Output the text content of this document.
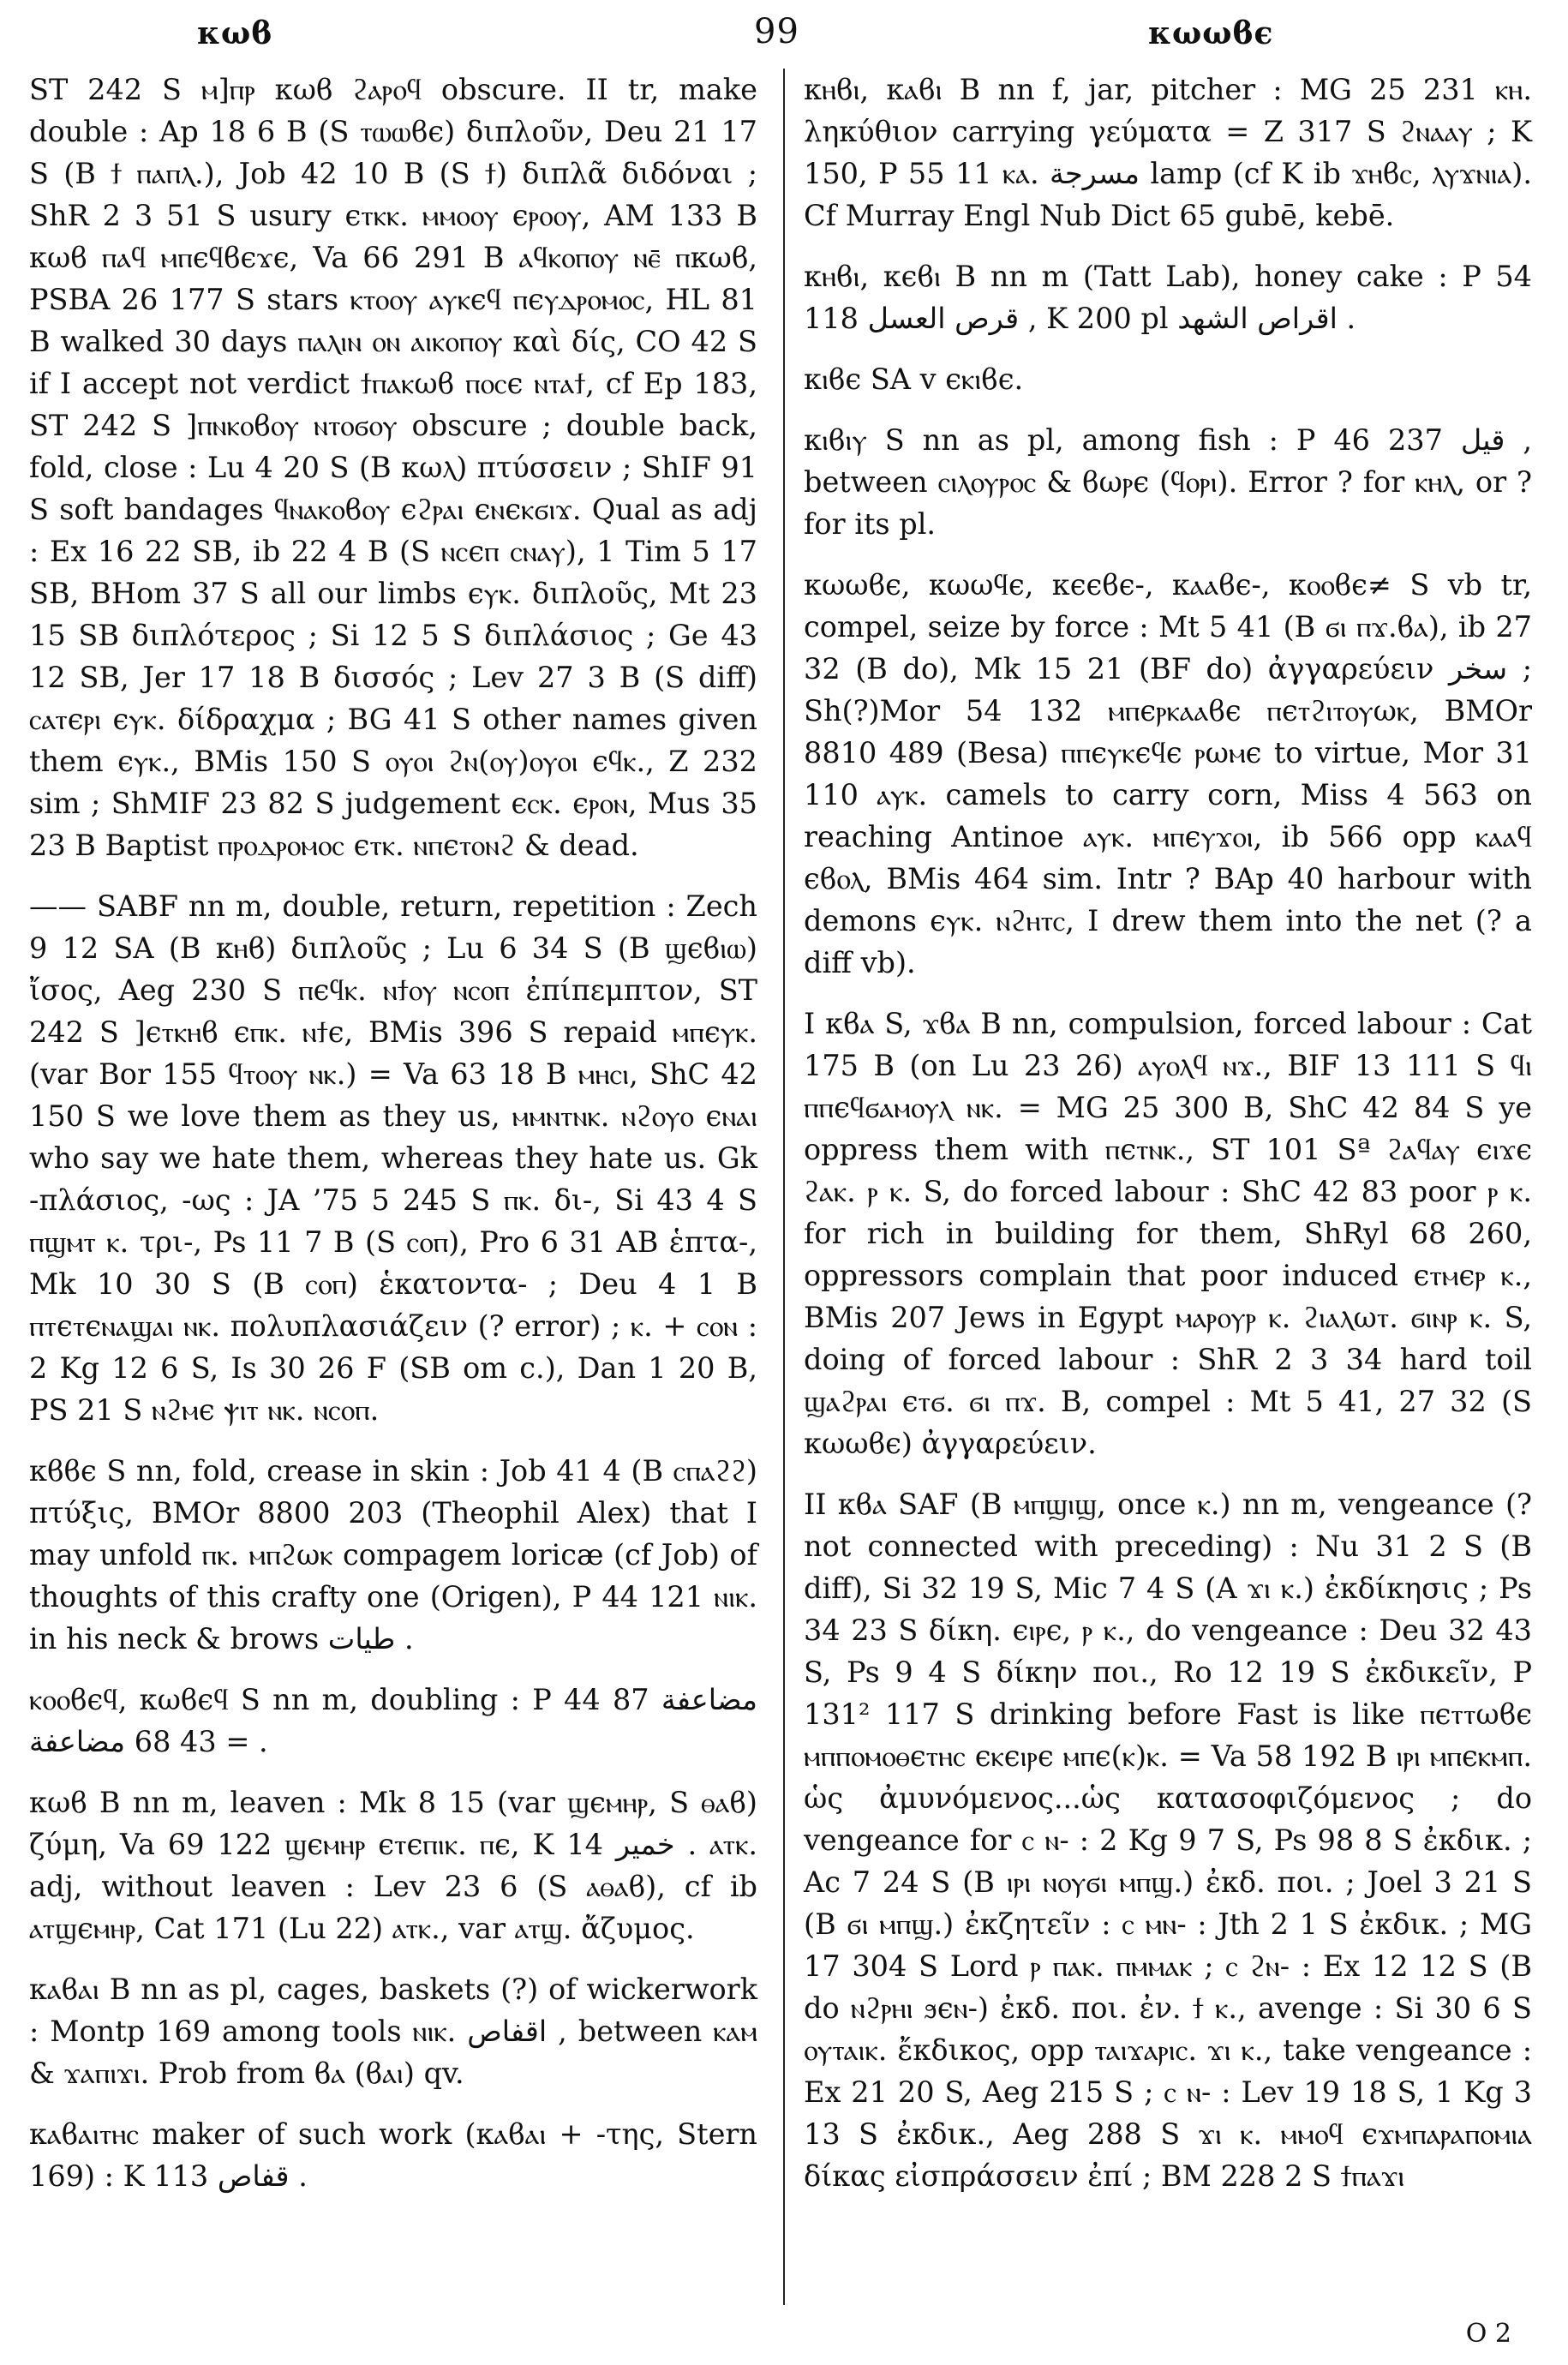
κωϐ	99	κωωϐє

ST 242 S ⲙ]ⲡⲣ κωϐ ϩⲁⲣⲟϥ obscure. II tr, make double : Ap 18 6 B (S ⲧⲱⲱϐє) διπλοῦν, Deu 21 17 S (B ϯ ⲡⲁⲡⲗ.), Job 42 10 B (S ϯ) διπλᾶ διδόναι ; ShR 2 3 51 S usury єⲧⲕⲕ. ⲙⲙⲟⲟⲩ єⲣⲟⲟⲩ, AM 133 B κωϐ ⲡⲁϥ ⲙⲡєϥϐєϫє, Va 66 291 B ⲁϥⲕⲟⲡⲟⲩ ⲛⲉ̄ ⲡκωϐ, PSBA 26 177 S stars ⲕⲧⲟⲟⲩ ⲁⲩⲕєϥ ⲡєⲩⲇⲣⲟⲙⲟⲥ, HL 81 B walked 30 days ⲡⲁⲗⲓⲛ ⲟⲛ ⲁⲓⲕⲟⲡⲟⲩ καὶ δίς, CO 42 S if I accept not verdict ϯⲡⲁⲕωϐ ⲡⲟⲥє ⲛⲧⲁϯ, cf Ep 183, ST 242 S ]ⲡⲛⲕⲟϐⲟⲩ ⲛⲧⲟϭⲟⲩ obscure ; double back, fold, close : Lu 4 20 S (B κωⲗ) πτύσσειν ; ShIF 91 S soft bandages ϥⲛⲁⲕⲟϐⲟⲩ єϩⲣⲁⲓ єⲛєⲕϭⲓϫ. Qual as adj : Ex 16 22 SB, ib 22 4 B (S ⲛⲥєⲡ ⲥⲛⲁⲩ), 1 Tim 5 17 SB, BHom 37 S all our limbs єⲩⲕ. διπλοῦς, Mt 23 15 SB διπλότερος ; Si 12 5 S διπλάσιος ; Ge 43 12 SB, Jer 17 18 B δισσός ; Lev 27 3 B (S diff) ⲥⲁⲧєⲣⲓ єⲩⲕ. δίδραχμα ; BG 41 S other names given them єⲩⲕ., BMis 150 S ⲟⲩⲟⲓ ϩⲛ(ⲟⲩ)ⲟⲩⲟⲓ єϥⲕ., Z 232 sim ; ShMIF 23 82 S judgement єⲥⲕ. єⲣⲟⲛ, Mus 35 23 B Baptist ⲡⲣⲟⲇⲣⲟⲙⲟⲥ єⲧⲕ. ⲛⲡєⲧⲟⲛϩ & dead.

—— SABF nn m, double, return, repetition : Zech 9 12 SA (B κⲏϐ) διπλοῦς ; Lu 6 34 S (B ϣєϐⲓⲱ) ἴσος, Aeg 230 S ⲡєϥⲕ. ⲛϯⲟⲩ ⲛⲥⲟⲡ ἐπίπεμπτον, ST 242 S ]єⲧⲕⲏϐ єⲡⲕ. ⲛϯє, BMis 396 S repaid ⲙⲡєⲩⲕ. (var Bor 155 ϥⲧⲟⲟⲩ ⲛⲕ.) = Va 63 18 B ⲙⲏⲥⲓ, ShC 42 150 S we love them as they us, ⲙⲙⲛⲧⲛⲕ. ⲛϩⲟⲩⲟ єⲛⲁⲓ who say we hate them, whereas they hate us. Gk -πλάσιος, -ως : JA ’75 5 245 S ⲡⲕ. δι-, Si 43 4 S ⲡϣⲙⲧ ⲕ. τρι-, Ps 11 7 B (S ⲥⲟⲡ), Pro 6 31 AB ἑπτα-, Mk 10 30 S (B ⲥⲟⲡ) ἑκατοντα- ; Deu 4 1 B ⲡⲧєⲧєⲛⲁϣⲁⲓ ⲛⲕ. πολυπλασιάζειν (? error) ; ⲕ. + ⲥⲟⲛ : 2 Kg 12 6 S, Is 30 26 F (SB om c.), Dan 1 20 B, PS 21 S ⲛϩⲙє ⲯⲓⲧ ⲛⲕ. ⲛⲥⲟⲡ.

κϐϐє S nn, fold, crease in skin : Job 41 4 (B ⲥⲡⲁϩϩ) πτύξις, BMOr 8800 203 (Theophil Alex) that I may unfold ⲡⲕ. ⲙⲡϩωⲕ compagem loricæ (cf Job) of thoughts of this crafty one (Origen), P 44 121 ⲛⲓⲕ. in his neck & brows طيات .

ⲕⲟⲟϐєϥ, κωϐєϥ S nn m, doubling : P 44 87 مضاعفة = 43 68 مضاعفة .

κωϐ B nn m, leaven : Mk 8 15 (var ϣєⲙⲏⲣ, S ⲑⲁϐ) ζύμη, Va 69 122 ϣєⲙⲏⲣ єⲧєⲡⲓⲕ. ⲡє, K 14 خمير . ⲁⲧⲕ. adj, without leaven : Lev 23 6 (S ⲁⲑⲁϐ), cf ib ⲁⲧϣєⲙⲏⲣ, Cat 171 (Lu 22) ⲁⲧⲕ., var ⲁⲧϣ. ἄζυμος.

κⲁϐⲁⲓ B nn as pl, cages, baskets (?) of wickerwork : Montp 169 among tools ⲛⲓⲕ. اقفاص , between ⲕⲁⲙ & ϫⲁⲡⲓϫⲓ. Prob from ϐⲁ (ϐⲁⲓ) qv.

κⲁϐⲁⲓⲧⲏⲥ maker of such work (κⲁϐⲁⲓ + -της, Stern 169) : K 113 قفاص .

κⲏϐⲓ, κⲁϐⲓ B nn f, jar, pitcher : MG 25 231 ⲕⲏ. ληκύθιον carrying γεύματα = Z 317 S ϩⲛⲁⲁⲩ ; K 150, P 55 11 ⲕⲁ. مسرجة lamp (cf K ib ϫⲏϐⲥ, ⲗⲩϫⲛⲓⲁ). Cf Murray Engl Nub Dict 65 gubē, kebē.

κⲏϐⲓ, κєϐⲓ B nn m (Tatt Lab), honey cake : P 54 118 قرص العسل , K 200 pl اقراص الشهد .

κⲓϐє SA v єⲕⲓϐє.

κⲓϐⲓⲩ S nn as pl, among fish : P 46 237 قيل , between ⲥⲓⲗⲟⲩⲣⲟⲥ & ϐωⲣє (ϥⲟⲣⲓ). Error ? for ⲕⲏⲗ, or ? for its pl.

κωωϐє, κωωϥє, κєєϐє-, κⲁⲁϐє-, κⲟⲟϐє≠ S vb tr, compel, seize by force : Mt 5 41 (B ϭⲓ ⲡϫ.ϐⲁ), ib 27 32 (B do), Mk 15 21 (BF do) ἀγγαρεύειν سخر ; Sh(?)Mor 54 132 ⲙⲡєⲣⲕⲁⲁϐє ⲡєⲧϩⲓⲧⲟⲩωⲕ, BMOr 8810 489 (Besa) ⲡⲡєⲩⲕєϥє ⲣωⲙє to virtue, Mor 31 110 ⲁⲩⲕ. camels to carry corn, Miss 4 563 on reaching Antinoe ⲁⲩⲕ. ⲙⲡєⲩϫⲟⲓ, ib 566 opp ⲕⲁⲁϥ єϐⲟⲗ, BMis 464 sim. Intr ? BAp 40 harbour with demons єⲩⲕ. ⲛϩⲏⲧⲥ, I drew them into the net (? a diff vb).

I κϐⲁ S, ϫϐⲁ B nn, compulsion, forced labour : Cat 175 B (on Lu 23 26) ⲁⲩⲟⲗϥ ⲛϫ., BIF 13 111 S ϥⲓ ⲡⲡєϥϭⲁⲙⲟⲩⲗ ⲛⲕ. = MG 25 300 B, ShC 42 84 S ye oppress them with ⲡєⲧⲛⲕ., ST 101 Sª ϩⲁϥⲁⲩ єⲓϫє ϩⲁⲕ. ⲣ ⲕ. S, do forced labour : ShC 42 83 poor ⲣ ⲕ. for rich in building for them, ShRyl 68 260, oppressors complain that poor induced єⲧⲙєⲣ ⲕ., BMis 207 Jews in Egypt ⲙⲁⲣⲟⲩⲣ ⲕ. ϩⲓⲁⲗωⲧ. ϭⲓⲛⲣ ⲕ. S, doing of forced labour : ShR 2 3 34 hard toil ϣⲁϩⲣⲁⲓ єⲧϭ. ϭⲓ ⲡϫ. B, compel : Mt 5 41, 27 32 (S κωωϐє) ἀγγαρεύειν.

II κϐⲁ SAF (B ⲙⲡϣⲓϣ, once ⲕ.) nn m, vengeance (? not connected with preceding) : Nu 31 2 S (B diff), Si 32 19 S, Mic 7 4 S (A ϫⲓ ⲕ.) ἐκδίκησις ; Ps 34 23 S δίκη. єⲓⲣє, ⲣ ⲕ., do vengeance : Deu 32 43 S, Ps 9 4 S δίκην ποι., Ro 12 19 S ἐκδικεῖν, P 131² 117 S drinking before Fast is like ⲡєⲧⲧωϐє ⲙⲡⲡⲟⲙⲟⲑєⲧⲏⲥ єⲕєⲓⲣє ⲙⲡє(ⲕ)ⲕ. = Va 58 192 B ⲓⲣⲓ ⲙⲡєⲕⲙⲡ. ὡς ἀμυνόμενος...ὡς κατασοφιζόμενος ; do vengeance for ⲥ ⲛ- : 2 Kg 9 7 S, Ps 98 8 S ἐκδικ. ; Ac 7 24 S (B ⲓⲣⲓ ⲛⲟⲩϭⲓ ⲙⲡϣ.) ἐκδ. ποι. ; Joel 3 21 S (B ϭⲓ ⲙⲡϣ.) ἐκζητεῖν : ⲥ ⲙⲛ- : Jth 2 1 S ἐκδικ. ; MG 17 304 S Lord ⲣ ⲡⲁⲕ. ⲡⲙⲙⲁⲕ ; ⲥ ϩⲛ- : Ex 12 12 S (B do ⲛϩⲣⲏⲓ ϧєⲛ-) ἐκδ. ποι. ἐν. ϯ ⲕ., avenge : Si 30 6 S ⲟⲩⲧⲁⲓⲕ. ἔκδικος, opp ⲧⲁⲓϫⲁⲣⲓⲥ. ϫⲓ ⲕ., take vengeance : Ex 21 20 S, Aeg 215 S ; ⲥ ⲛ- : Lev 19 18 S, 1 Kg 3 13 S ἐκδικ., Aeg 288 S ϫⲓ ⲕ. ⲙⲙⲟϥ єϫⲙⲡⲁⲣⲁⲡⲟⲙⲓⲁ δίκας εἰσπράσσειν ἐπί ; BM 228 2 S ϯⲡⲁϫⲓ

O 2
